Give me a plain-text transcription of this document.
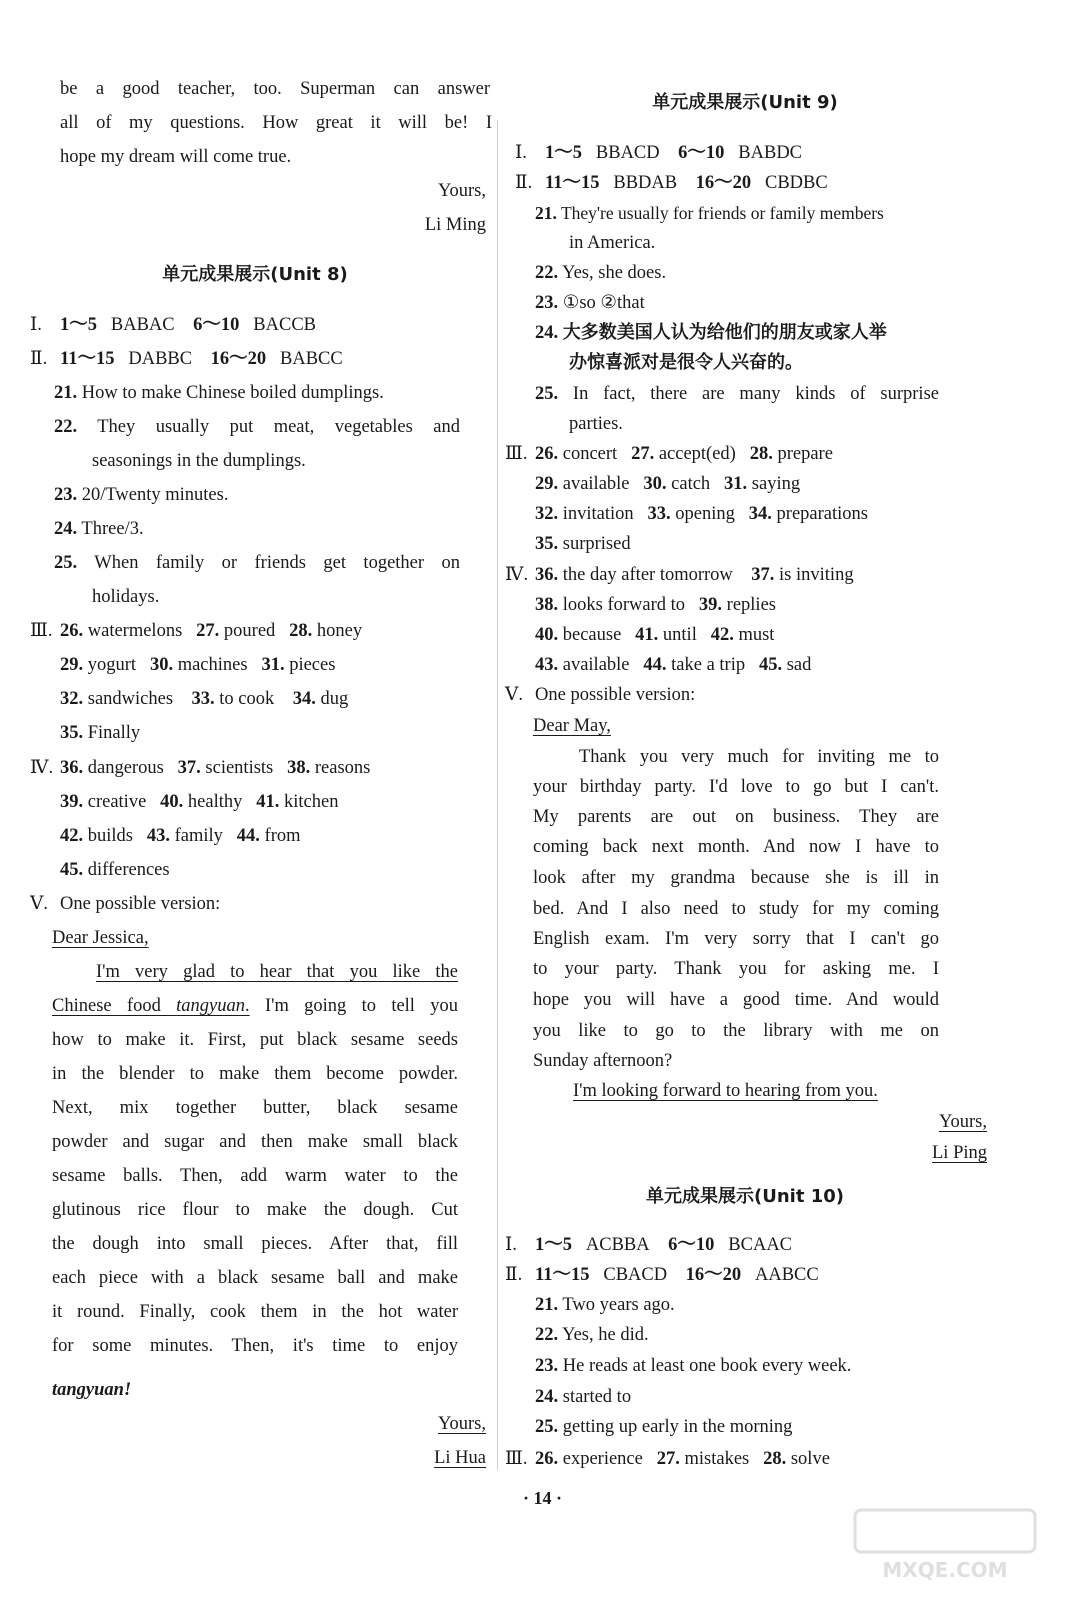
be a good teacher, too. Superman can answer
all of my questions. How great it will be! I
hope my dream will come true.
Yours,
Li Ming
单元成果展示(Unit 8)
Ⅰ. 1～5 BABAC 6～10 BACCB
Ⅱ. 11～15 DABBC 16～20 BABCC
21. How to make Chinese boiled dumplings.
22. They usually put meat, vegetables and
seasonings in the dumplings.
23. 20/Twenty minutes.
24. Three/3.
25. When family or friends get together on
holidays.
Ⅲ. 26. watermelons 27. poured 28. honey
29. yogurt 30. machines 31. pieces
32. sandwiches 33. to cook 34. dug
35. Finally
Ⅳ. 36. dangerous 37. scientists 38. reasons
39. creative 40. healthy 41. kitchen
42. builds 43. family 44. from
45. differences
Ⅴ. One possible version:
Dear Jessica,
I'm very glad to hear that you like the
Chinese food tangyuan. I'm going to tell you
how to make it. First, put black sesame seeds
in the blender to make them become powder.
Next, mix together butter, black sesame
powder and sugar and then make small black
sesame balls. Then, add warm water to the
glutinous rice flour to make the dough. Cut
the dough into small pieces. After that, fill
each piece with a black sesame ball and make
it round. Finally, cook them in the hot water
for some minutes. Then, it's time to enjoy
tangyuan!
Yours,
Li Hua
单元成果展示(Unit 9)
Ⅰ. 1～5 BBACD 6～10 BABDC
Ⅱ. 11～15 BBDAB 16～20 CBDBC
21. They're usually for friends or family members
in America.
22. Yes, she does.
23. ①so ②that
24. 大多数美国人认为给他们的朋友或家人举
办惊喜派对是很令人兴奋的。
25. In fact, there are many kinds of surprise
parties.
Ⅲ. 26. concert 27. accept(ed) 28. prepare
29. available 30. catch 31. saying
32. invitation 33. opening 34. preparations
35. surprised
Ⅳ. 36. the day after tomorrow 37. is inviting
38. looks forward to 39. replies
40. because 41. until 42. must
43. available 44. take a trip 45. sad
Ⅴ. One possible version:
Dear May,
Thank you very much for inviting me to
your birthday party. I'd love to go but I can't.
My parents are out on business. They are
coming back next month. And now I have to
look after my grandma because she is ill in
bed. And I also need to study for my coming
English exam. I'm very sorry that I can't go
to your party. Thank you for asking me. I
hope you will have a good time. And would
you like to go to the library with me on
Sunday afternoon?
I'm looking forward to hearing from you.
Yours,
Li Ping
单元成果展示(Unit 10)
Ⅰ. 1～5 ACBBA 6～10 BCAAC
Ⅱ. 11～15 CBACD 16～20 AABCC
21. Two years ago.
22. Yes, he did.
23. He reads at least one book every week.
24. started to
25. getting up early in the morning
Ⅲ. 26. experience 27. mistakes 28. solve
· 14 ·
MXQE.COM
